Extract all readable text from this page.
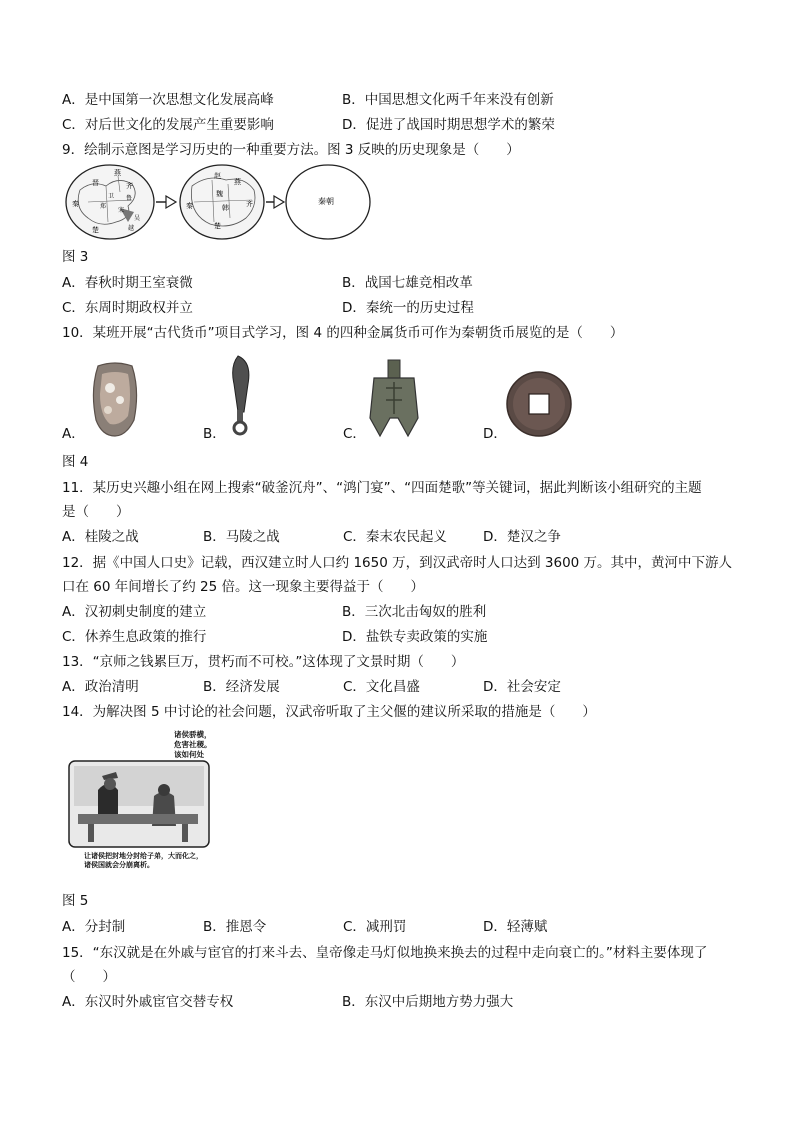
A．是中国第一次思想文化发展高峰	B．中国思想文化两千年来没有创新
C．对后世文化的发展产生重要影响	D．促进了战国时期思想学术的繁荣
9．绘制示意图是学习历史的一种重要方法。图 3 反映的历史现象是（　　）
燕
晋	齐
秦
楚
鲁
宋
卫
郑
吴
越
赵
燕
魏
韩
秦
楚
齐	秦朝
图 3
A．春秋时期王室衰微	B．战国七雄竞相改革
C．东周时期政权并立	D．秦统一的历史过程
10．某班开展“古代货币”项目式学习，图 4 的四种金属货币可作为秦朝货币展览的是（　　）
A．	B．	C．	D．
图 4
11．某历史兴趣小组在网上搜索“破釜沉舟”、“鸿门宴”、“四面楚歌”等关键词，据此判断该小组研究的主题
是（　　）
A．桂陵之战	B．马陵之战	C．秦末农民起义	D．楚汉之争
12．据《中国人口史》记载，西汉建立时人口约 1650 万，到汉武帝时人口达到 3600 万。其中，黄河中下游人
口在 60 年间增长了约 25 倍。这一现象主要得益于（　　）
A．汉初刺史制度的建立	B．三次北击匈奴的胜利
C．休养生息政策的推行	D．盐铁专卖政策的实施
13．“京师之钱累巨万，贯朽而不可校。”这体现了文景时期（　　）
A．政治清明	B．经济发展	C．文化昌盛	D．社会安定
14．为解决图 5 中讨论的社会问题，汉武帝听取了主父偃的建议所采取的措施是（　　）
诸侯骄横，危害社稷。该如何处
让诸侯把封地分封给子弟，大而化之，诸侯国就会分崩离析。
图 5
A．分封制	B．推恩令	C．减刑罚	D．轻薄赋
15．“东汉就是在外戚与宦官的打来斗去、皇帝像走马灯似地换来换去的过程中走向衰亡的。”材料主要体现了
（　　）
A．东汉时外戚宦官交替专权	B．东汉中后期地方势力强大
